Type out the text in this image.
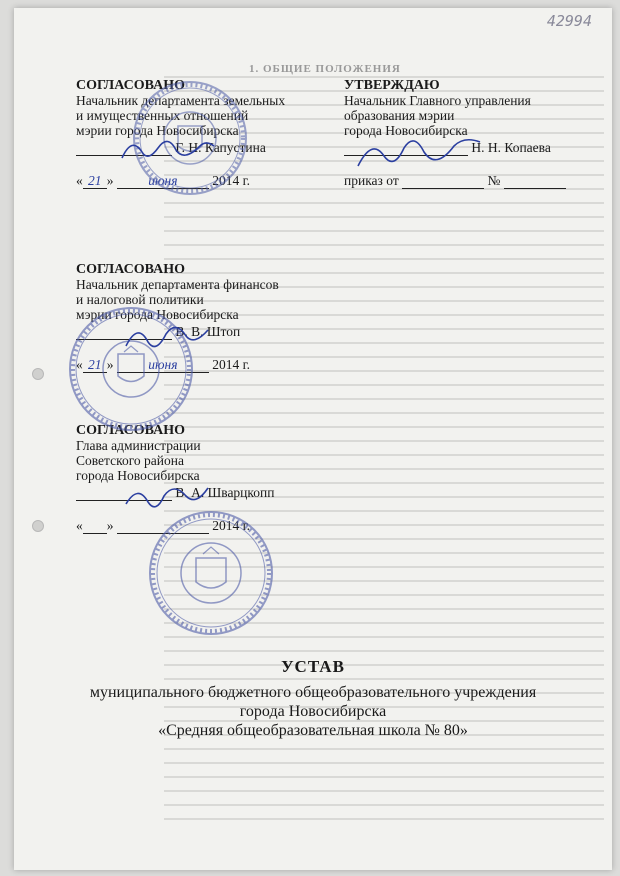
1. ОБЩИЕ ПОЛОЖЕНИЯ
42994
СОГЛАСОВАНО
Начальник департамента земельных
и имущественных отношений
мэрии города Новосибирска
Г. Н. Капустина
« 21 »	июня	2014 г.
УТВЕРЖДАЮ
Начальник Главного управления
образования мэрии
города Новосибирска
Н. Н. Копаева
приказ от	№
СОГЛАСОВАНО
Начальник департамента финансов
и налоговой политики
мэрии города Новосибирска
В. В. Штоп
« 21 »	июня	2014 г.
СОГЛАСОВАНО
Глава администрации
Советского района
города Новосибирска
В. А. Шварцкопп
« »	2014 г.
УСТАВ
муниципального бюджетного общеобразовательного учреждения
города Новосибирска
«Средняя общеобразовательная школа № 80»
